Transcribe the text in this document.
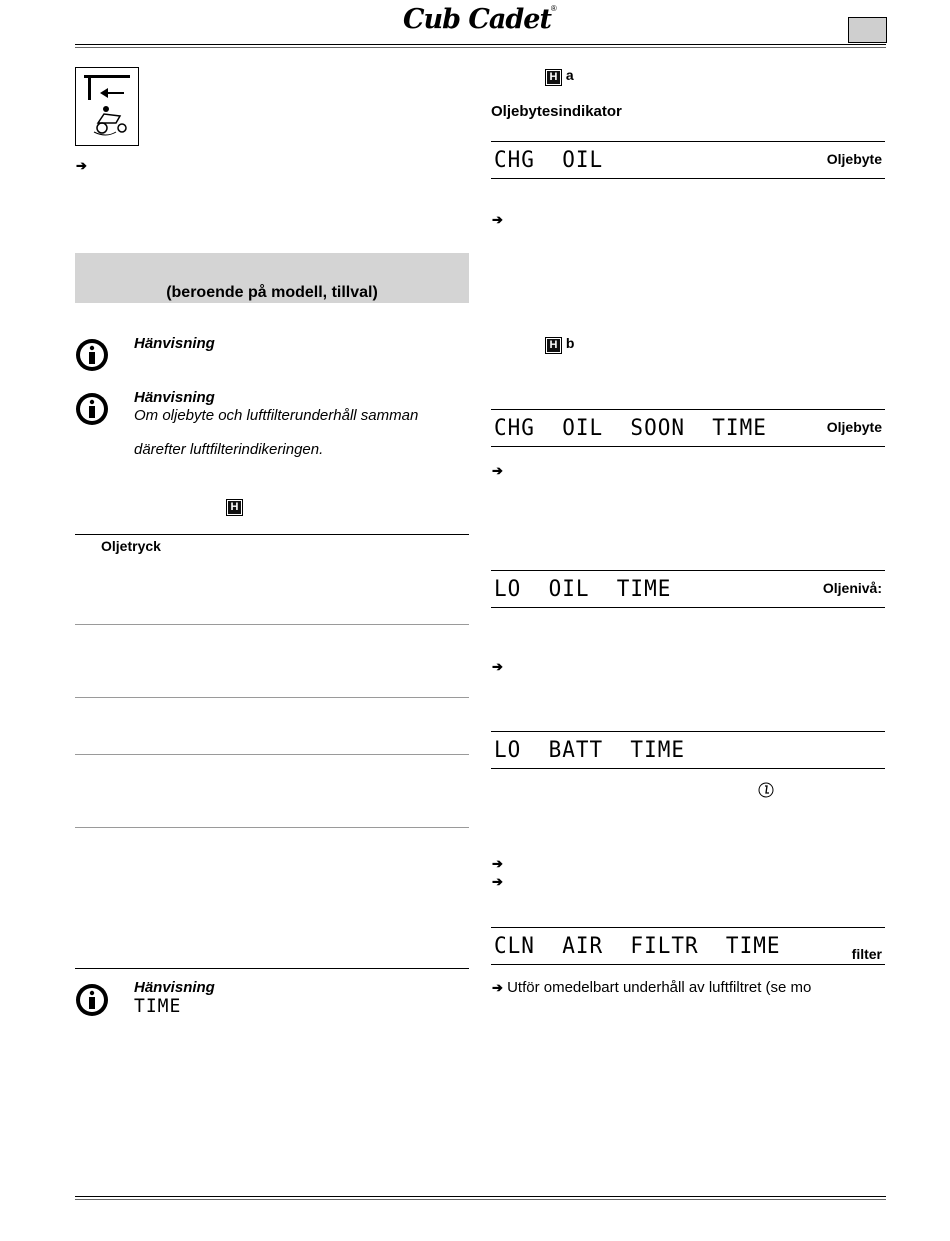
Cub Cadet®
➔
(beroende på modell, tillval)
Hänvisning
Hänvisning
Om oljebyte och luftfilterunderhåll samman
därefter luftfilterindikeringen.
H
Oljetryck
Hänvisning
TIME
H a
Oljebytesindikator
CHG  OIL	Oljebyte
➔
H b
CHG  OIL  SOON  TIME	Oljebyte
➔
LO  OIL  TIME	Oljenivå:
➔
LO  BATT  TIME
➔
➔
CLN  AIR  FILTR  TIME	filter
➔ Utför omedelbart underhåll av luftfiltret (se mo
